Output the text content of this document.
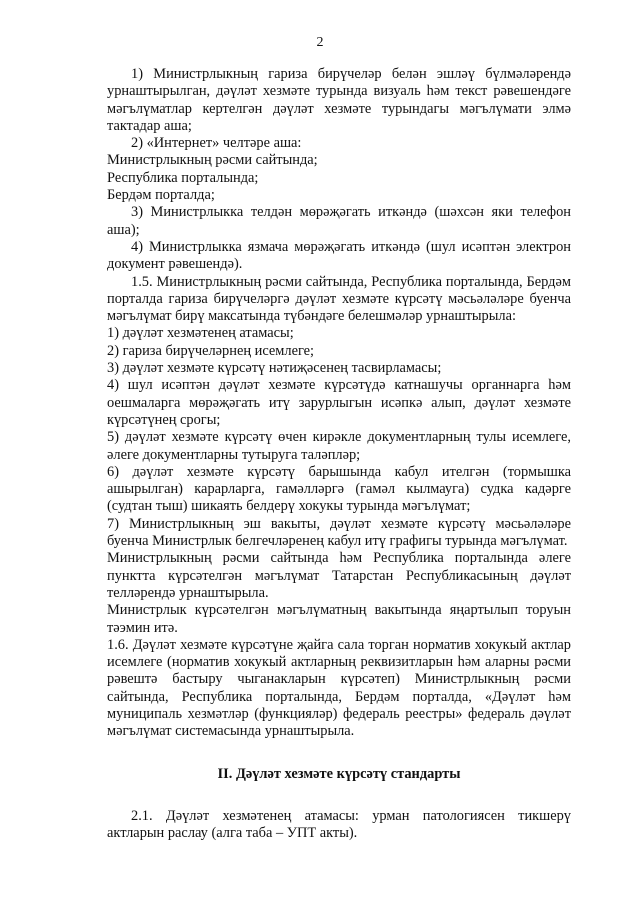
2

1) Министрлыкның гариза бирүчеләр белән эшләү бүлмәләрендә урнаштырылган, дәүләт хезмәте турында визуаль һәм текст рәвешендәге мәгълүматлар кертелгән дәүләт хезмәте турындагы мәгълүмати элмә тактадар аша;

2) «Интернет» челтәре аша:

Министрлыкның рәсми сайтында;

Республика порталында;

Бердәм порталда;

3) Министрлыкка телдән мөрәҗәгать иткәндә (шәхсән яки телефон аша);

4) Министрлыкка язмача мөрәҗәгать иткәндә (шул исәптән электрон документ рәвешендә).

1.5. Министрлыкның рәсми сайтында, Республика порталында, Бердәм порталда гариза бирүчеләргә дәүләт хезмәте күрсәтү мәсьәләләре буенча мәгълүмат бирү максатында түбәндәге белешмәләр урнаштырыла:

1) дәүләт хезмәтенең атамасы;

2) гариза бирүчеләрнең исемлеге;

3) дәүләт хезмәте күрсәтү нәтиҗәсенең тасвирламасы;

4) шул исәптән дәүләт хезмәте күрсәтүдә катнашучы органнарга һәм оешмаларга мөрәҗәгать итү зарурлыгын исәпкә алып, дәүләт хезмәте күрсәтүнең срогы;

5) дәүләт хезмәте күрсәтү өчен кирәкле документларның тулы исемлеге, әлеге документларны тутыруга таләпләр;

6) дәүләт хезмәте күрсәтү барышында кабул ителгән (тормышка ашырылган) карарларга, гамәлләргә (гамәл кылмауга) судка кадәрге (судтан тыш) шикаять белдерү хокукы турында мәгълүмат;

7) Министрлыкның эш вакыты, дәүләт хезмәте күрсәтү мәсьәләләре буенча Министрлык белгечләренең кабул итү графигы турында мәгълүмат.

Министрлыкның рәсми сайтында һәм Республика порталында әлеге пунктта күрсәтелгән мәгълүмат Татарстан Республикасының дәүләт телләрендә урнаштырыла.

Министрлык күрсәтелгән мәгълүматның вакытында яңартылып торуын тәэмин итә.

1.6. Дәүләт хезмәте күрсәтүне җайга сала торган норматив хокукый актлар исемлеге (норматив хокукый актларның реквизитларын һәм аларны рәсми рәвештә бастыру чыганакларын күрсәтеп) Министрлыкның рәсми сайтында, Республика порталында, Бердәм порталда, «Дәүләт һәм муниципаль хезмәтләр (функцияләр) федераль реестры» федераль дәүләт мәгълүмат системасында урнаштырыла.

II. Дәүләт хезмәте күрсәтү стандарты

2.1. Дәүләт хезмәтенең атамасы: урман патологиясен тикшерү актларын раслау (алга таба – УПТ акты).
